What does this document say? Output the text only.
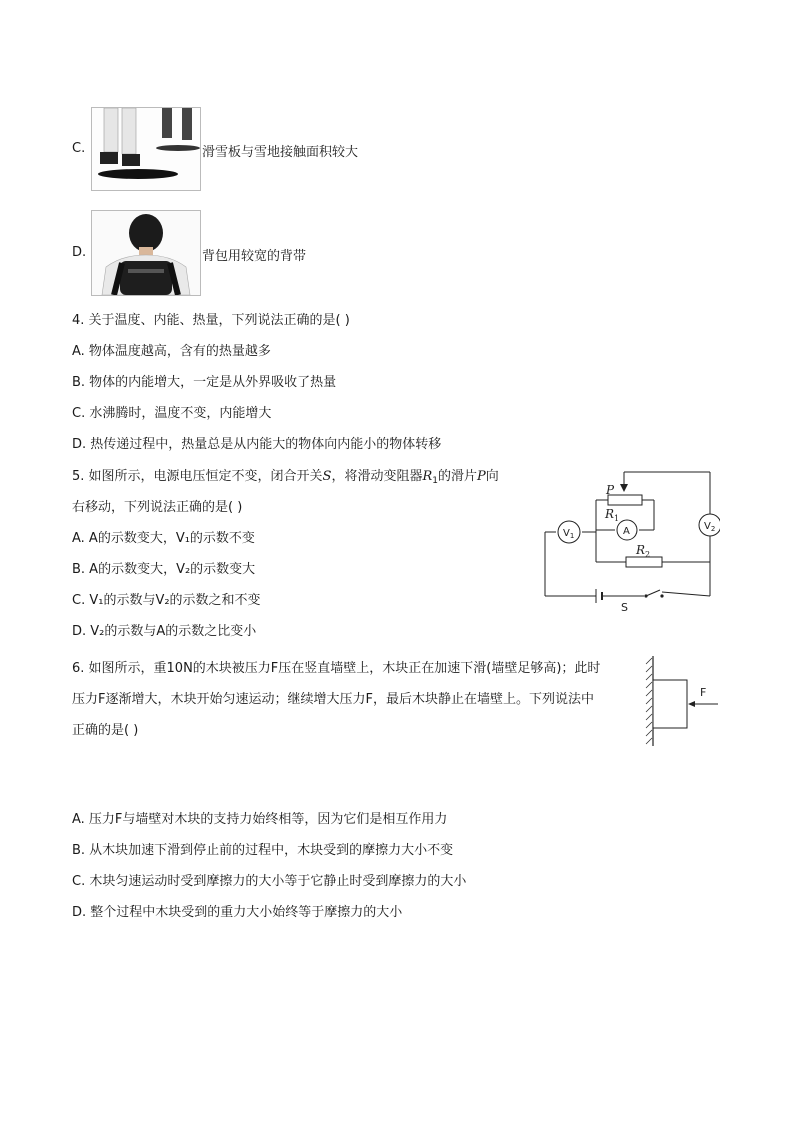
C.	滑雪板与雪地接触面积较大
D.	背包用较宽的背带
4. 关于温度、内能、热量，下列说法正确的是( )
A. 物体温度越高，含有的热量越多
B. 物体的内能增大，一定是从外界吸收了热量
C. 水沸腾时，温度不变，内能增大
D. 热传递过程中，热量总是从内能大的物体向内能小的物体转移
5. 如图所示，电源电压恒定不变，闭合开关S，将滑动变阻器$R_1$的滑片P向
右移动，下列说法正确的是( )
A. A的示数变大，V₁的示数不变
B. A的示数变大，V₂的示数变大
C. V₁的示数与V₂的示数之和不变
D. V₂的示数与A的示数之比变小
P
$R_1$
$R_2$
A
$V_1$
$V_2$
S
6. 如图所示，重10N的木块被压力F压在竖直墙壁上，木块正在加速下滑(墙壁足够高)；此时
压力F逐渐增大，木块开始匀速运动；继续增大压力F，最后木块静止在墙壁上。下列说法中
正确的是( )
F
A. 压力F与墙壁对木块的支持力始终相等，因为它们是相互作用力
B. 从木块加速下滑到停止前的过程中，木块受到的摩擦力大小不变
C. 木块匀速运动时受到摩擦力的大小等于它静止时受到摩擦力的大小
D. 整个过程中木块受到的重力大小始终等于摩擦力的大小
